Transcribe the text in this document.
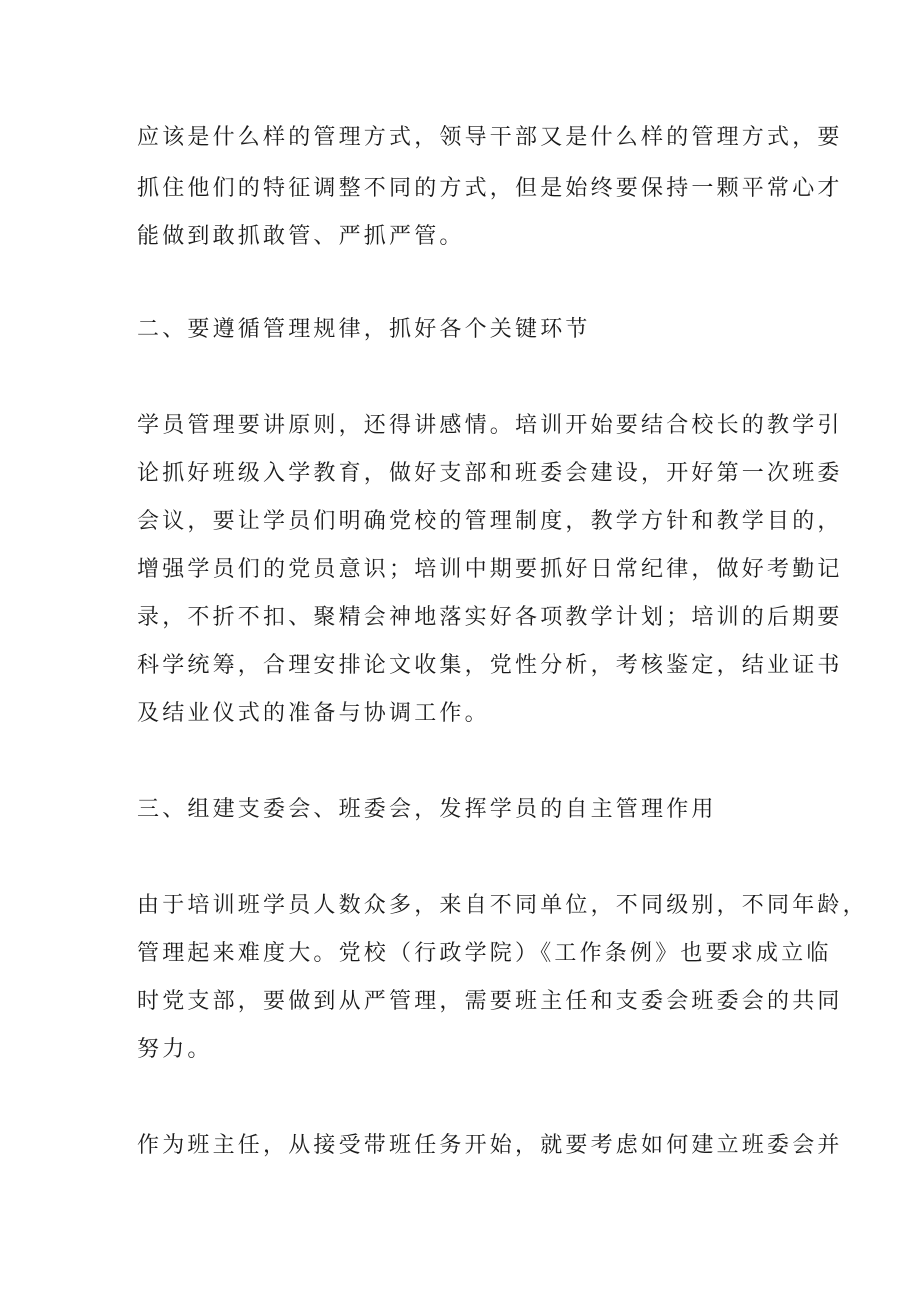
应该是什么样的管理方式，领导干部又是什么样的管理方式，要
抓住他们的特征调整不同的方式，但是始终要保持一颗平常心才
能做到敢抓敢管、严抓严管。
二、要遵循管理规律，抓好各个关键环节
学员管理要讲原则，还得讲感情。培训开始要结合校长的教学引
论抓好班级入学教育，做好支部和班委会建设，开好第一次班委
会议，要让学员们明确党校的管理制度，教学方针和教学目的，
增强学员们的党员意识；培训中期要抓好日常纪律，做好考勤记
录，不折不扣、聚精会神地落实好各项教学计划；培训的后期要
科学统筹，合理安排论文收集，党性分析，考核鉴定，结业证书
及结业仪式的准备与协调工作。
三、组建支委会、班委会，发挥学员的自主管理作用
由于培训班学员人数众多，来自不同单位，不同级别，不同年龄，
管理起来难度大。党校（行政学院）《工作条例》也要求成立临
时党支部，要做到从严管理，需要班主任和支委会班委会的共同
努力。
作为班主任，从接受带班任务开始，就要考虑如何建立班委会并
